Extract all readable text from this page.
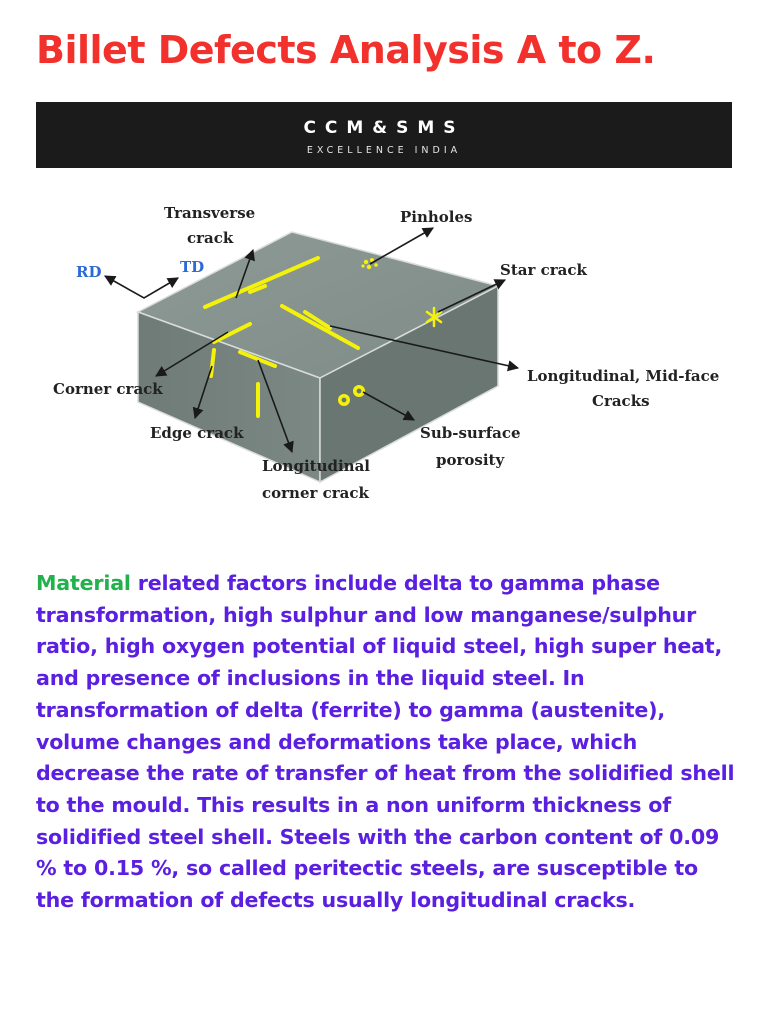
Billet Defects Analysis A to Z.
CCM&SMS
EXCELLENCE INDIA
Transverse
crack
Pinholes
RD	TD	Star crack
Longitudinal, Mid-face
Cracks
Corner crack
Edge crack	Sub-surface
porosity
Longitudinal
corner crack

Material related factors include delta to gamma phase transformation, high sulphur and low manganese/sulphur ratio, high oxygen potential of liquid steel, high super heat, and presence of inclusions in the liquid steel. In transformation of delta (ferrite) to gamma (austenite), volume changes and deformations take place, which decrease the rate of transfer of heat from the solidified shell to the mould. This results in a non uniform thickness of solidified steel shell. Steels with the carbon content of 0.09 % to 0.15 %, so called peritectic steels, are susceptible to the formation of defects usually longitudinal cracks.
